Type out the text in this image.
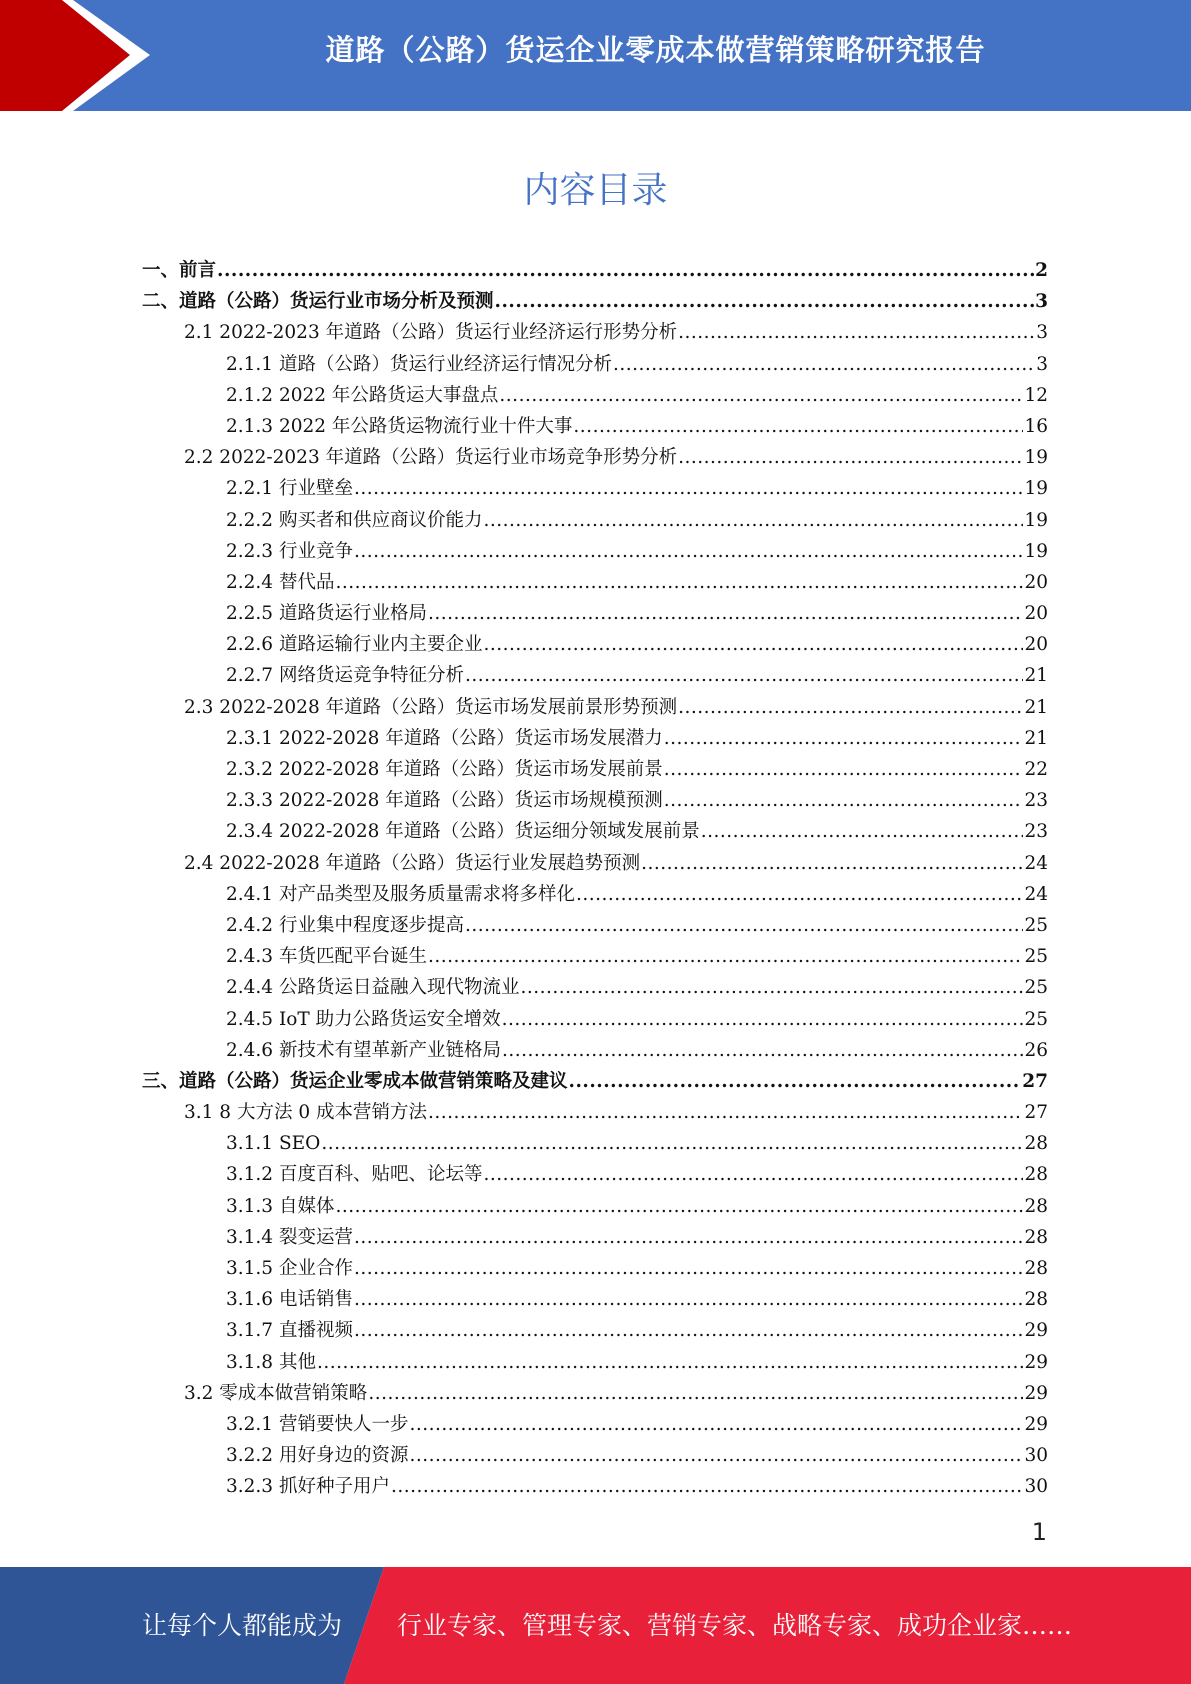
道路（公路）货运企业零成本做营销策略研究报告
内容目录
一、前言 .....	2
二、道路（公路）货运行业市场分析及预测 .....	3
2.1 2022-2023 年道路（公路）货运行业经济运行形势分析 .....	3
2.1.1 道路（公路）货运行业经济运行情况分析 .....	3
2.1.2 2022 年公路货运大事盘点 .....	12
2.1.3 2022 年公路货运物流行业十件大事 .....	16
2.2 2022-2023 年道路（公路）货运行业市场竞争形势分析 .....	19
2.2.1 行业壁垒 .....	19
2.2.2 购买者和供应商议价能力 .....	19
2.2.3 行业竞争 .....	19
2.2.4 替代品 .....	20
2.2.5 道路货运行业格局 .....	20
2.2.6 道路运输行业内主要企业 .....	20
2.2.7 网络货运竞争特征分析 .....	21
2.3 2022-2028 年道路（公路）货运市场发展前景形势预测 .....	21
2.3.1 2022-2028 年道路（公路）货运市场发展潜力 .....	21
2.3.2 2022-2028 年道路（公路）货运市场发展前景 .....	22
2.3.3 2022-2028 年道路（公路）货运市场规模预测 .....	23
2.3.4 2022-2028 年道路（公路）货运细分领域发展前景 .....	23
2.4 2022-2028 年道路（公路）货运行业发展趋势预测 .....	24
2.4.1 对产品类型及服务质量需求将多样化 .....	24
2.4.2 行业集中程度逐步提高 .....	25
2.4.3 车货匹配平台诞生 .....	25
2.4.4 公路货运日益融入现代物流业 .....	25
2.4.5 IoT 助力公路货运安全增效 .....	25
2.4.6 新技术有望革新产业链格局 .....	26
三、道路（公路）货运企业零成本做营销策略及建议 .....	27
3.1 8 大方法 0 成本营销方法 .....	27
3.1.1 SEO .....	28
3.1.2 百度百科、贴吧、论坛等 .....	28
3.1.3 自媒体 .....	28
3.1.4 裂变运营 .....	28
3.1.5 企业合作 .....	28
3.1.6 电话销售 .....	28
3.1.7 直播视频 .....	29
3.1.8 其他 .....	29
3.2 零成本做营销策略 .....	29
3.2.1 营销要快人一步 .....	29
3.2.2 用好身边的资源 .....	30
3.2.3 抓好种子用户 .....	30
1
让每个人都能成为 行业专家、管理专家、营销专家、战略专家、成功企业家……
